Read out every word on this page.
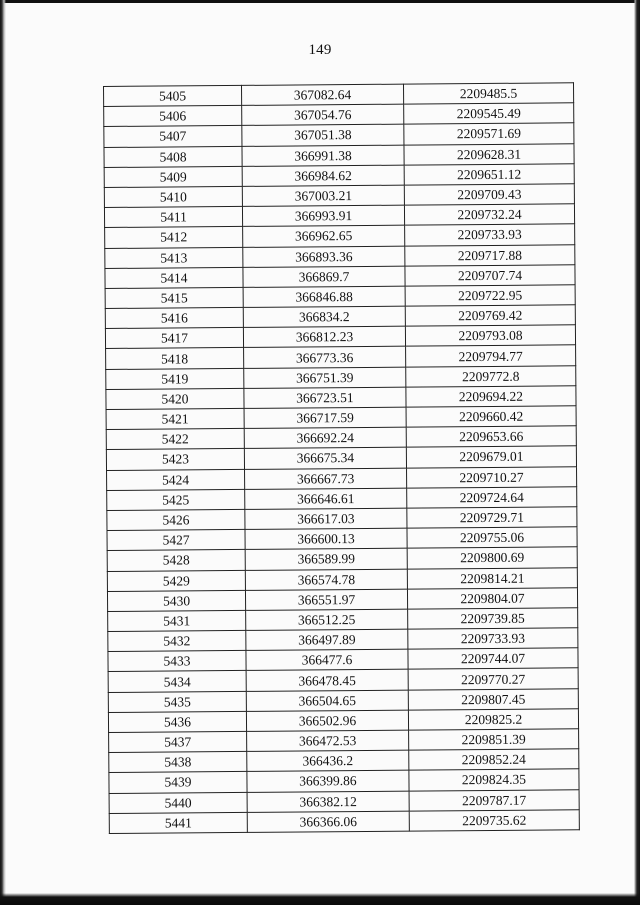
149
5405	367082.64	2209485.5
5406	367054.76	2209545.49
5407	367051.38	2209571.69
5408	366991.38	2209628.31
5409	366984.62	2209651.12
5410	367003.21	2209709.43
5411	366993.91	2209732.24
5412	366962.65	2209733.93
5413	366893.36	2209717.88
5414	366869.7	2209707.74
5415	366846.88	2209722.95
5416	366834.2	2209769.42
5417	366812.23	2209793.08
5418	366773.36	2209794.77
5419	366751.39	2209772.8
5420	366723.51	2209694.22
5421	366717.59	2209660.42
5422	366692.24	2209653.66
5423	366675.34	2209679.01
5424	366667.73	2209710.27
5425	366646.61	2209724.64
5426	366617.03	2209729.71
5427	366600.13	2209755.06
5428	366589.99	2209800.69
5429	366574.78	2209814.21
5430	366551.97	2209804.07
5431	366512.25	2209739.85
5432	366497.89	2209733.93
5433	366477.6	2209744.07
5434	366478.45	2209770.27
5435	366504.65	2209807.45
5436	366502.96	2209825.2
5437	366472.53	2209851.39
5438	366436.2	2209852.24
5439	366399.86	2209824.35
5440	366382.12	2209787.17
5441	366366.06	2209735.62
